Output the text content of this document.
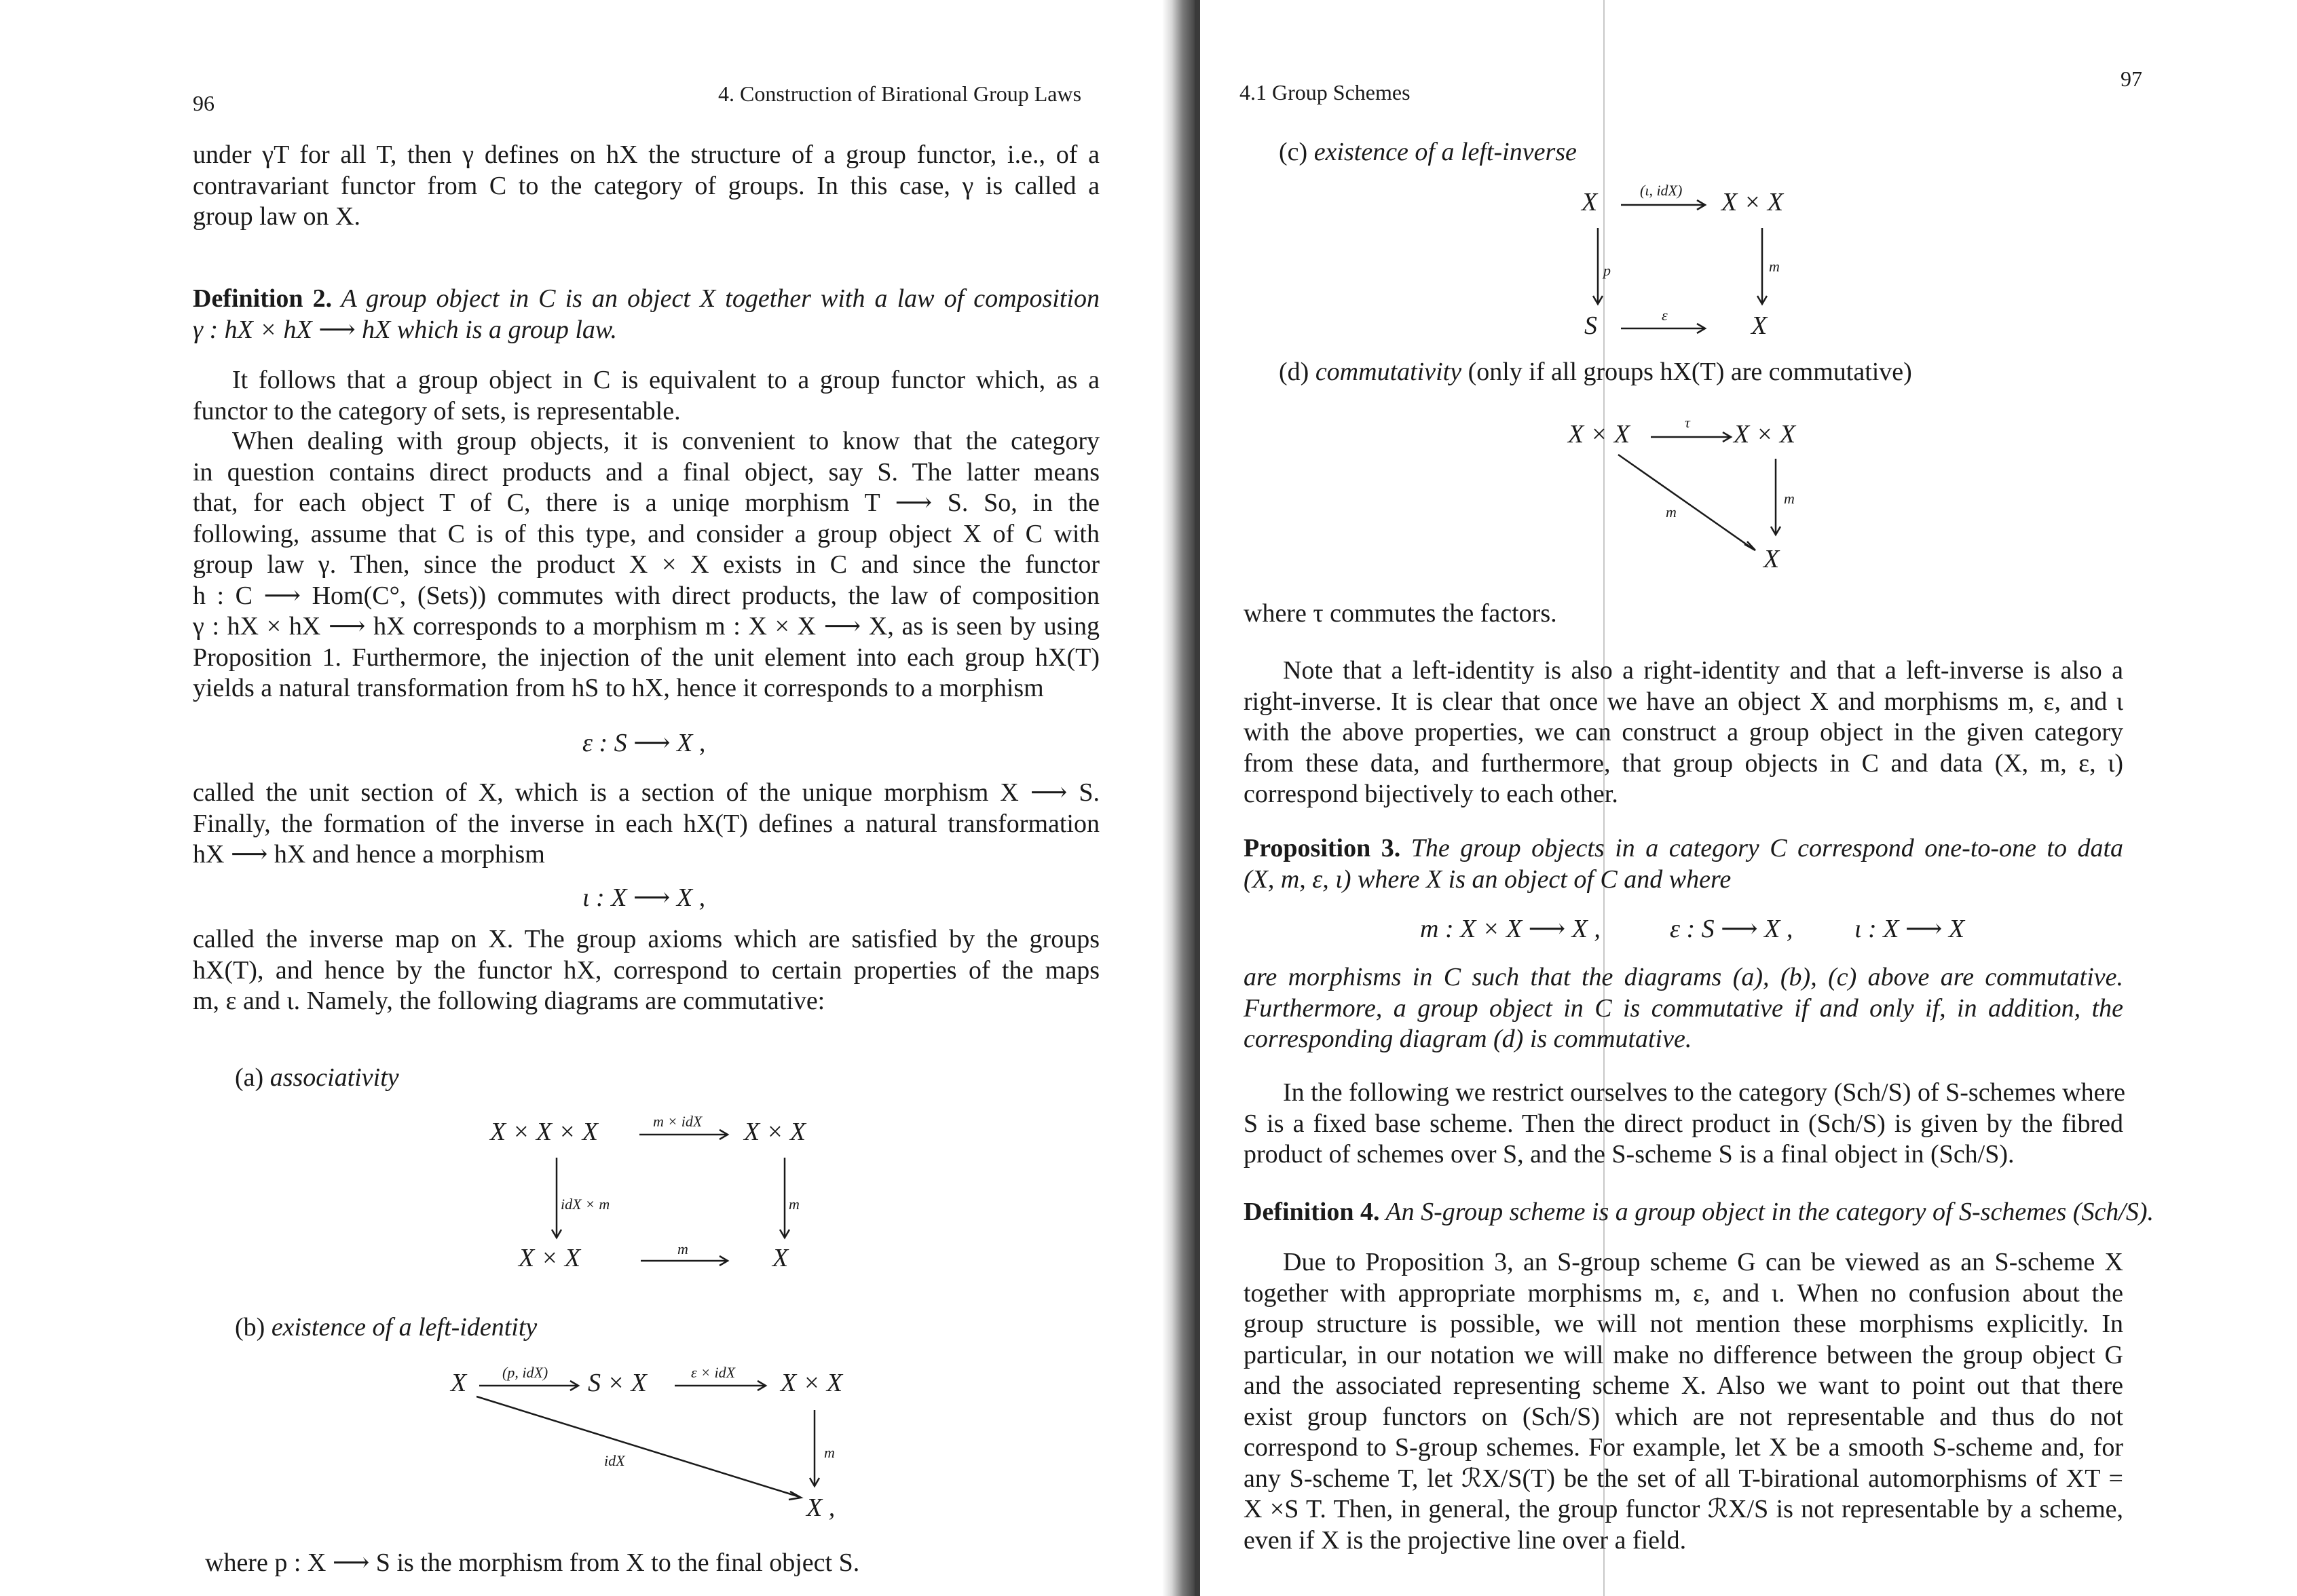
96	4. Construction of Birational Group Laws
under γT for all T, then γ defines on hX the structure of a group functor, i.e., of a
contravariant functor from C to the category of groups. In this case, γ is called a
group law on X.
Definition 2. A group object in C is an object X together with a law of composition
γ : hX × hX ⟶ hX which is a group law.
It follows that a group object in C is equivalent to a group functor which, as a
functor to the category of sets, is representable.
When dealing with group objects, it is convenient to know that the category
in question contains direct products and a final object, say S. The latter means
that, for each object T of C, there is a uniqe morphism T ⟶ S. So, in the
following, assume that C is of this type, and consider a group object X of C with
group law γ. Then, since the product X × X exists in C and since the functor
h : C ⟶ Hom(C°, (Sets)) commutes with direct products, the law of composition
γ : hX × hX ⟶ hX corresponds to a morphism m : X × X ⟶ X, as is seen by using
Proposition 1. Furthermore, the injection of the unit element into each group hX(T)
yields a natural transformation from hS to hX, hence it corresponds to a morphism
ε : S ⟶ X ,
called the unit section of X, which is a section of the unique morphism X ⟶ S.
Finally, the formation of the inverse in each hX(T) defines a natural transformation
hX ⟶ hX and hence a morphism
ι : X ⟶ X ,
called the inverse map on X. The group axioms which are satisfied by the groups
hX(T), and hence by the functor hX, correspond to certain properties of the maps
m, ε and ι. Namely, the following diagrams are commutative:
(a) associativity
X × X × X	X × X
X × X	X
m × idX
idX × m	m
m
(b) existence of a left-identity
X	S × X	X × X
X ,
(p, idX)	ε × idX
m
idX
where p : X ⟶ S is the morphism from X to the final object S.
97
4.1 Group Schemes
(c) existence of a left-inverse
X	X × X
S	X
(ι, idX)
p	m
ε
(d) commutativity (only if all groups hX(T) are commutative)
X × X	X × X
X
τ
m
m
where τ commutes the factors.
Note that a left-identity is also a right-identity and that a left-inverse is also a
right-inverse. It is clear that once we have an object X and morphisms m, ε, and ι
with the above properties, we can construct a group object in the given category
from these data, and furthermore, that group objects in C and data (X, m, ε, ι)
correspond bijectively to each other.
Proposition 3. The group objects in a category C correspond one-to-one to data
(X, m, ε, ι) where X is an object of C and where
m : X × X ⟶ X ,	ε : S ⟶ X , ι : X ⟶ X
are morphisms in C such that the diagrams (a), (b), (c) above are commutative.
Furthermore, a group object in C is commutative if and only if, in addition, the
corresponding diagram (d) is commutative.
In the following we restrict ourselves to the category (Sch/S) of S-schemes where
S is a fixed base scheme. Then the direct product in (Sch/S) is given by the fibred
product of schemes over S, and the S-scheme S is a final object in (Sch/S).
Definition 4. An S-group scheme is a group object in the category of S-schemes (Sch/S).
Due to Proposition 3, an S-group scheme G can be viewed as an S-scheme X
together with appropriate morphisms m, ε, and ι. When no confusion about the
group structure is possible, we will not mention these morphisms explicitly. In
particular, in our notation we will make no difference between the group object G
and the associated representing scheme X. Also we want to point out that there
exist group functors on (Sch/S) which are not representable and thus do not
correspond to S-group schemes. For example, let X be a smooth S-scheme and, for
any S-scheme T, let ℛX/S(T) be the set of all T-birational automorphisms of XT =
X ×S T. Then, in general, the group functor ℛX/S is not representable by a scheme,
even if X is the projective line over a field.
